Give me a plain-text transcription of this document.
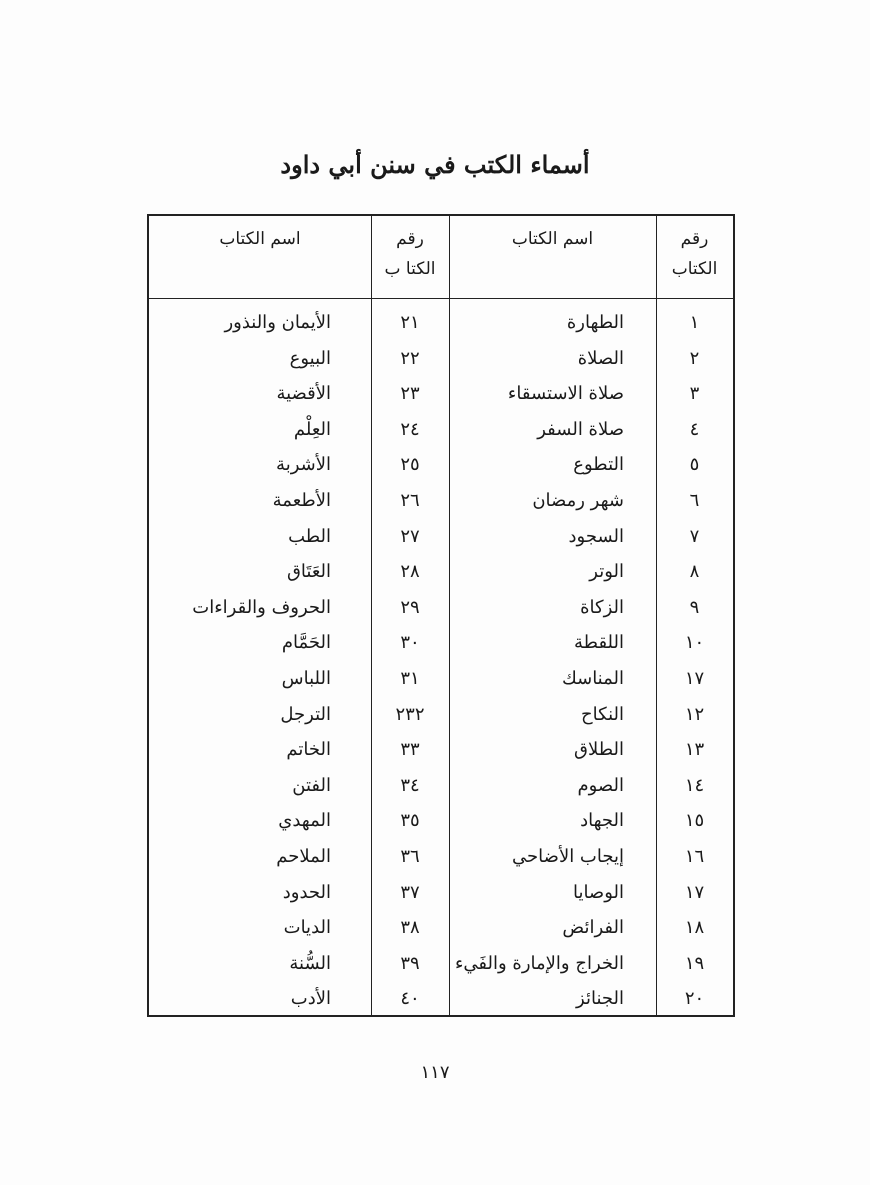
أسماء الكتب في سنن أبي داود
رقم
الكتاب
اسم الكتاب
رقم
الكتا ب
اسم الكتاب
١
الطهارة
٢١
الأيمان والنذور
٢
الصلاة
٢٢
البيوع
٣
صلاة الاستسقاء
٢٣
الأقضية
٤
صلاة السفر
٢٤
العِلْم
٥
التطوع
٢٥
الأشربة
٦
شهر رمضان
٢٦
الأطعمة
٧
السجود
٢٧
الطب
٨
الوتر
٢٨
العَتَاق
٩
الزكاة
٢٩
الحروف والقراءات
١٠
اللقطة
٣٠
الحَمَّام
١٧
المناسك
٣١
اللباس
١٢
النكاح
٢٣٢
الترجل
١٣
الطلاق
٣٣
الخاتم
١٤
الصوم
٣٤
الفتن
١٥
الجهاد
٣٥
المهدي
١٦
إيجاب الأضاحي
٣٦
الملاحم
١٧
الوصايا
٣٧
الحدود
١٨
الفرائض
٣٨
الديات
١٩
الخراج والإمارة والفَيء
٣٩
السُّنة
٢٠
الجنائز
٤٠
الأدب
١١٧
